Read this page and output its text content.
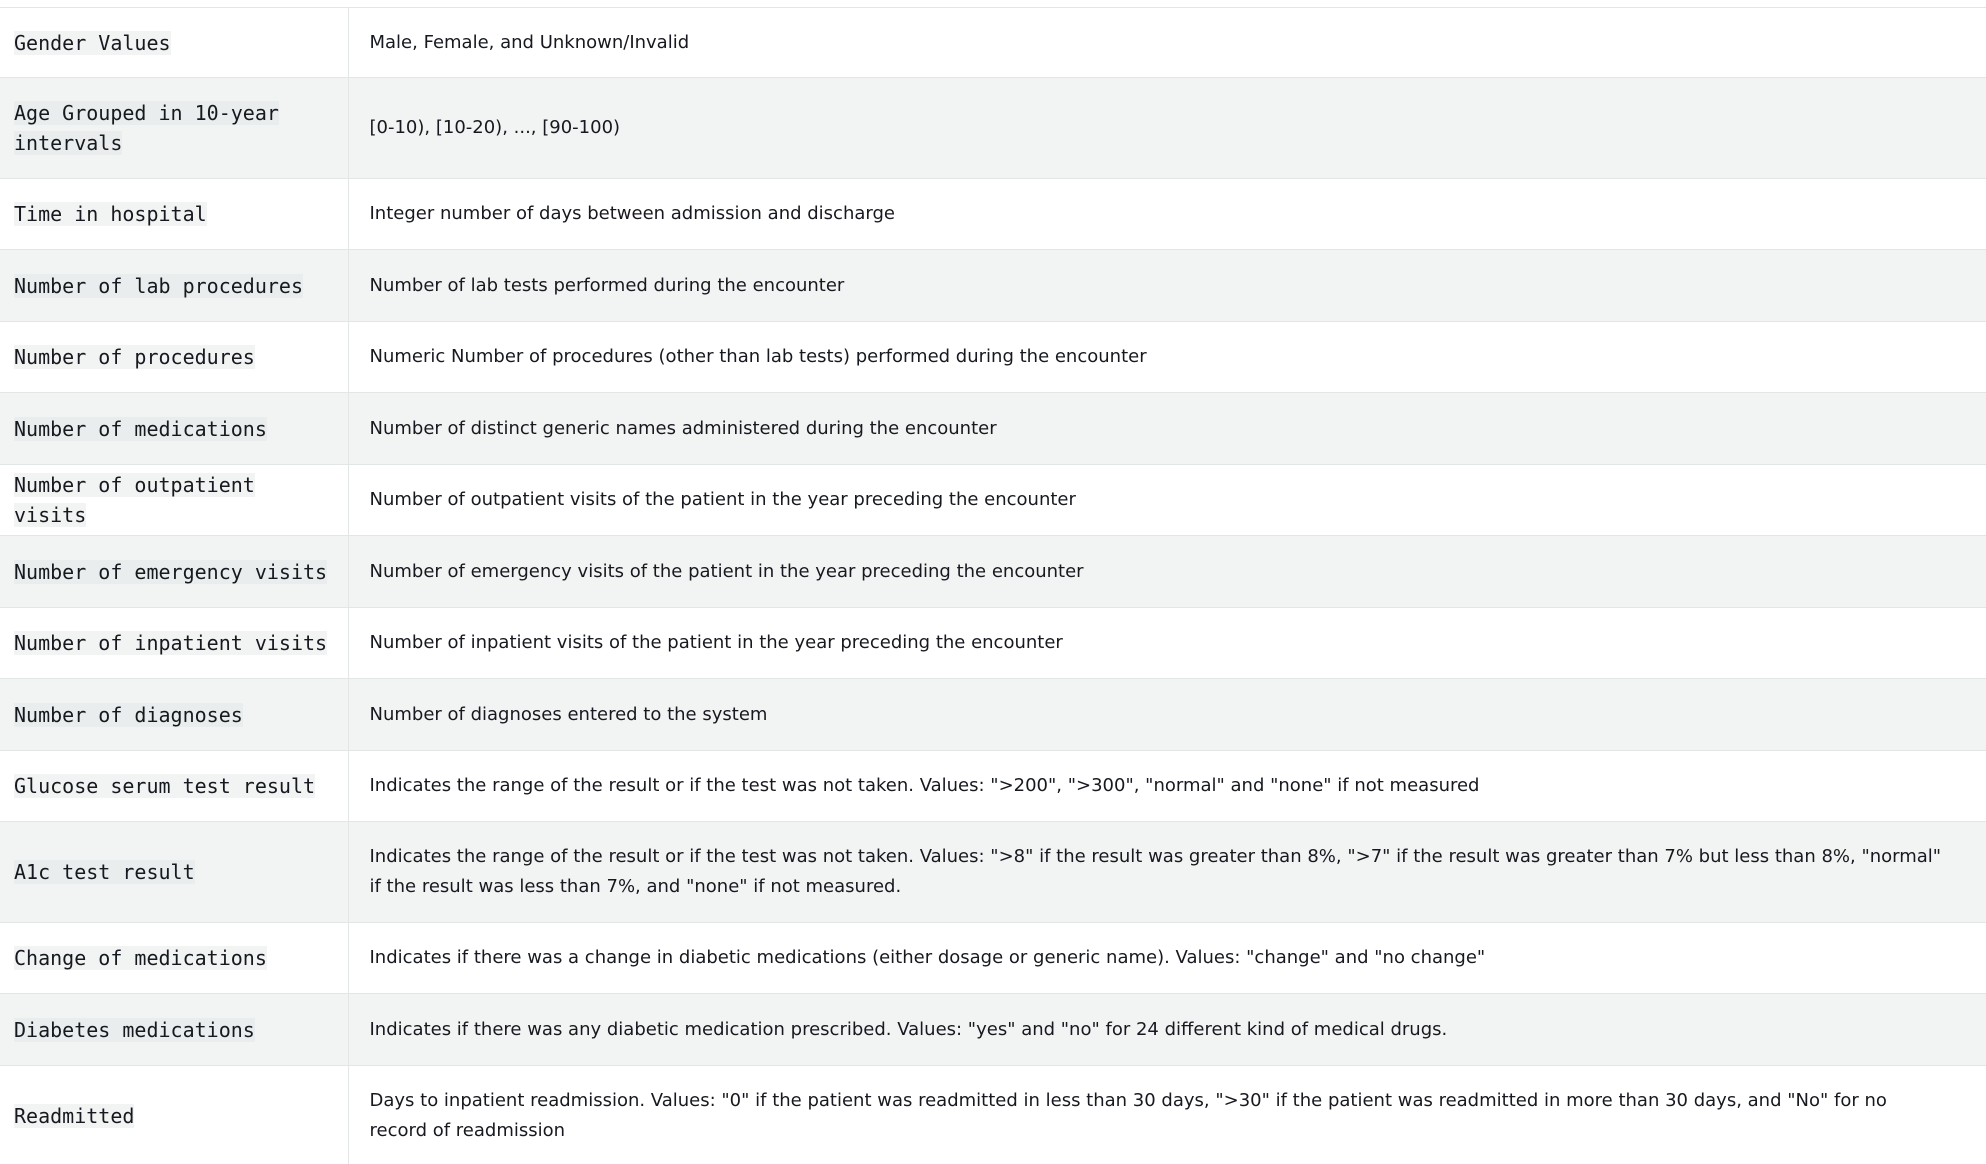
Gender Values	Male, Female, and Unknown/Invalid
Age Grouped in 10-year intervals	[0-10), [10-20), ..., [90-100)
Time in hospital	Integer number of days between admission and discharge
Number of lab procedures	Number of lab tests performed during the encounter
Number of procedures	Numeric Number of procedures (other than lab tests) performed during the encounter
Number of medications	Number of distinct generic names administered during the encounter
Number of outpatient visits	Number of outpatient visits of the patient in the year preceding the encounter
Number of emergency visits	Number of emergency visits of the patient in the year preceding the encounter
Number of inpatient visits	Number of inpatient visits of the patient in the year preceding the encounter
Number of diagnoses	Number of diagnoses entered to the system
Glucose serum test result	Indicates the range of the result or if the test was not taken. Values: ">200", ">300", "normal" and "none" if not measured
A1c test result	Indicates the range of the result or if the test was not taken. Values: ">8" if the result was greater than 8%, ">7" if the result was greater than 7% but less than 8%, "normal" if the result was less than 7%, and "none" if not measured.
Change of medications	Indicates if there was a change in diabetic medications (either dosage or generic name). Values: "change" and "no change"
Diabetes medications	Indicates if there was any diabetic medication prescribed. Values: "yes" and "no" for 24 different kind of medical drugs.
Readmitted	Days to inpatient readmission. Values: "0" if the patient was readmitted in less than 30 days, ">30" if the patient was readmitted in more than 30 days, and "No" for no record of readmission
